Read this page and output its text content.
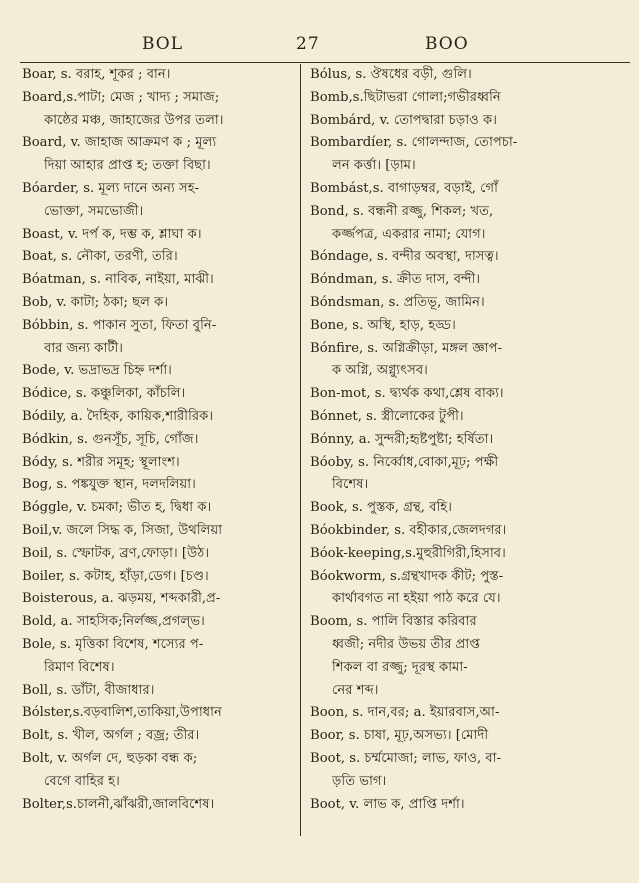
BOL	27	BOO
Boar, s. বরাহ, শূকর ; বান।
Board,s.পাটা; মেজ ; খাদ্য ; সমাজ;
কাষ্ঠের মঞ্চ, জাহাজের উপর তলা।
Board, v. জাহাজ আক্রমণ ক ; মূল্য
দিয়া আহার প্রাপ্ত হ; তক্তা বিছা।
Bóarder, s. মূল্য দানে অন্য সহ-
ভোক্তা, সমভোজী।
Boast, v. দর্প ক, দম্ভ ক, শ্লাঘা ক।
Boat, s. নৌকা, তরণী, তরি।
Bóatman, s. নাবিক, নাইয়া, মাঝী।
Bob, v. কাটা; ঠকা; ছল ক।
Bóbbin, s. পাকান সুতা, ফিতা বুনি-
বার জন্য কাটী।
Bode, v. ভদ্রাভদ্র চিহ্ন দর্শা।
Bódice, s. কঞ্চুলিকা, কাঁচলি।
Bódily, a. দৈহিক, কায়িক,শারীরিক।
Bódkin, s. গুনসূঁচ, সূচি, গোঁজ।
Bódy, s. শরীর সমূহ; স্থূলাংশ।
Bog, s. পঙ্কযুক্ত স্থান, দলদলিয়া।
Bóggle, v. চমকা; ভীত হ, দ্বিধা ক।
Boil,v. জলে সিদ্ধ ক, সিজা, উথলিয়া
Boil, s. স্ফোটক, ব্রণ,ফোড়া। [উঠ।
Boiler, s. কটাহ, হাঁড়া,ডেগ। [চণ্ড।
Boisterous, a. ঝড়ময়, শব্দকারী,প্র-
Bold, a. সাহসিক;নির্লজ্জ,প্রগল্ভ।
Bole, s. মৃত্তিকা বিশেষ, শস্যের প-
রিমাণ বিশেষ।
Boll, s. ডাঁটা, বীজাধার।
Bólster,s.বড়বালিশ,তাকিয়া,উপাধান
Bolt, s. খীল, অর্গল ; বজ্র; তীর।
Bolt, v. অর্গল দে, হুড়কা বন্ধ ক;
বেগে বাহির হ।
Bolter,s.চালনী,ঝাঁঝরী,জালবিশেষ।
Bólus, s. ঔষধের বড়ী, গুলি।
Bomb,s.ছিটাভরা গোলা;গভীরধ্বনি
Bombárd, v. তোপদ্বারা চড়াও ক।
Bombardíer, s. গোলন্দাজ, তোপচা-
লন কর্ত্তা। [ড়াম।
Bombást,s. বাগাড়ম্বর, বড়াই, গোঁ
Bond, s. বন্ধনী রজ্জু, শিকল; খত,
কর্জ্জপত্র, একরার নামা; যোগ।
Bóndage, s. বন্দীর অবস্থা, দাসত্ব।
Bóndman, s. ক্রীত দাস, বন্দী।
Bóndsman, s. প্রতিভূ, জামিন।
Bone, s. অস্থি, হাড়, হড্ড।
Bónfire, s. অগ্নিক্রীড়া, মঙ্গল জ্ঞাপ-
ক অগ্নি, অগ্ন্যুৎসব।
Bon-mot, s. দ্ব্যর্থক কথা,শ্লেষ বাক্য।
Bónnet, s. স্ত্রীলোকের টুপী।
Bónny, a. সুন্দরী;হৃষ্টপুষ্টা; হর্ষিতা।
Bóoby, s. নির্ব্বোধ,বোকা,মূঢ়; পক্ষী
বিশেষ।
Book, s. পুস্তক, গ্রন্থ, বহি।
Bóokbinder, s. বহীকার,জেলদগর।
Bóok-keeping,s.মুহুরীগিরী,হিসাব।
Bóokworm, s.গ্রন্থখাদক কীট; পুস্ত-
কার্থাবগত না হইয়া পাঠ করে যে।
Boom, s. পালি বিস্তার করিবার
ধ্বজী; নদীর উভয় তীর প্রাপ্ত
শিকল বা রজ্জু; দূরস্থ কামা-
নের শব্দ।
Boon, s. দান,বর; a. ইয়ারবাস,আ-
Boor, s. চাষা, মূঢ়,অসভ্য। [মোদী
Boot, s. চর্ম্মমোজা; লাভ, ফাও, বা-
ড়তি ভাগ।
Boot, v. লাভ ক, প্রাপ্তি দর্শা।
